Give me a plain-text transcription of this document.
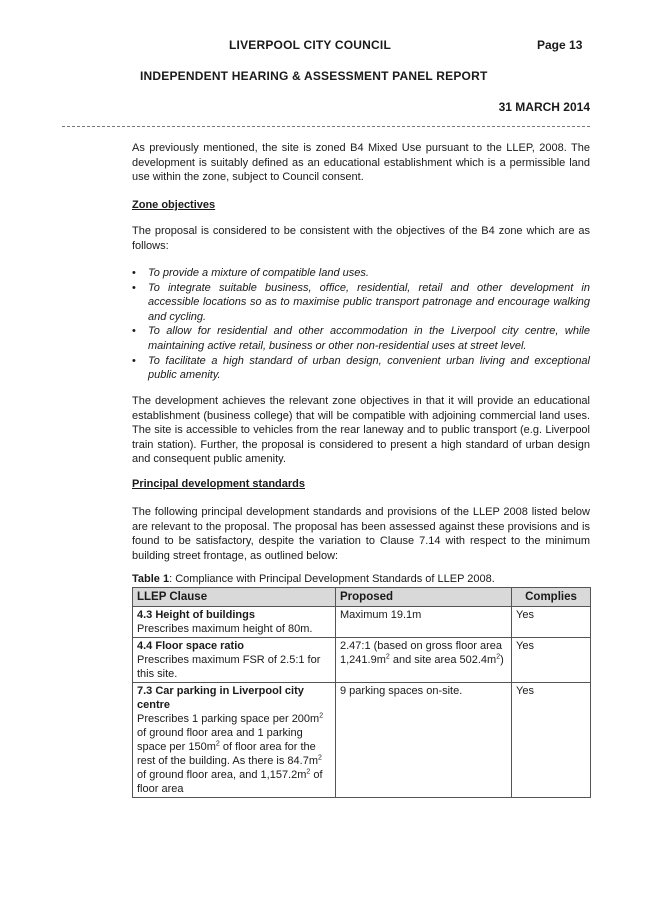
LIVERPOOL CITY COUNCIL	Page 13
INDEPENDENT HEARING & ASSESSMENT PANEL REPORT
31 MARCH 2014
As previously mentioned, the site is zoned B4 Mixed Use pursuant to the LLEP, 2008. The development is suitably defined as an educational establishment which is a permissible land use within the zone, subject to Council consent.
Zone objectives
The proposal is considered to be consistent with the objectives of the B4 zone which are as follows:
• To provide a mixture of compatible land uses.
• To integrate suitable business, office, residential, retail and other development in accessible locations so as to maximise public transport patronage and encourage walking and cycling.
• To allow for residential and other accommodation in the Liverpool city centre, while maintaining active retail, business or other non-residential uses at street level.
• To facilitate a high standard of urban design, convenient urban living and exceptional public amenity.
The development achieves the relevant zone objectives in that it will provide an educational establishment (business college) that will be compatible with adjoining commercial land uses. The site is accessible to vehicles from the rear laneway and to public transport (e.g. Liverpool train station). Further, the proposal is considered to present a high standard of urban design and consequent public amenity.
Principal development standards
The following principal development standards and provisions of the LLEP 2008 listed below are relevant to the proposal. The proposal has been assessed against these provisions and is found to be satisfactory, despite the variation to Clause 7.14 with respect to the minimum building street frontage, as outlined below:
Table 1: Compliance with Principal Development Standards of LLEP 2008.
LLEP Clause	Proposed	Complies

4.3 Height of buildings
Prescribes maximum height of 80m.	Maximum 19.1m	Yes

4.4 Floor space ratio
Prescribes maximum FSR of 2.5:1 for this site.	2.47:1 (based on gross floor area $1,241.9m^2$ and site area $502.4m^2$)	Yes

7.3 Car parking in Liverpool city centre
Prescribes 1 parking space per $200m^2$ of ground floor area and 1 parking space per $150m^2$ of floor area for the rest of the building. As there is $84.7m^2$ of ground floor area, and $1,157.2m^2$ of floor area	9 parking spaces on-site.	Yes
